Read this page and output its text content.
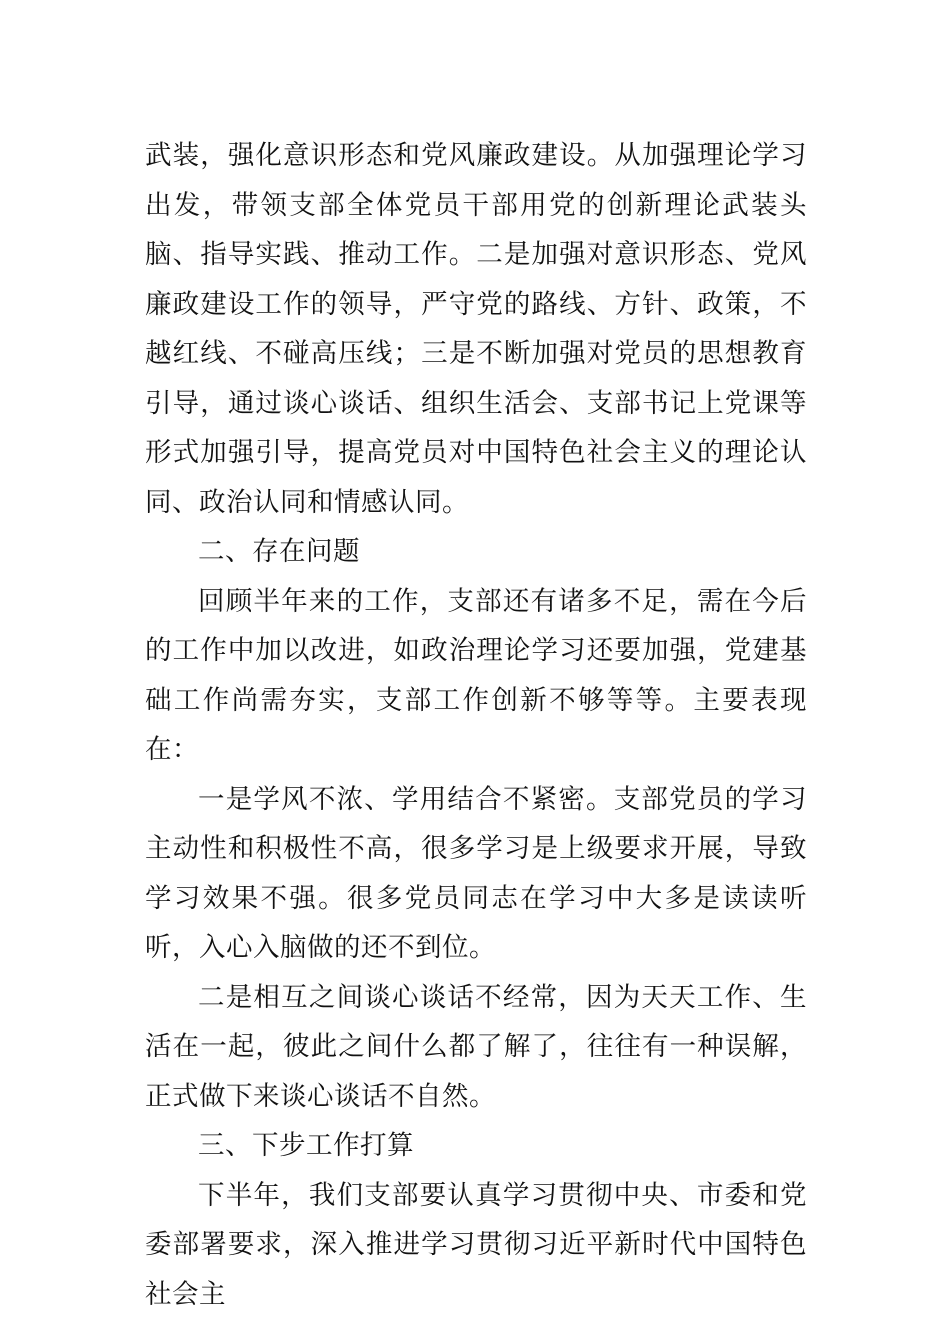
武装，强化意识形态和党风廉政建设。从加强理论学习出发，带领支部全体党员干部用党的创新理论武装头脑、指导实践、推动工作。二是加强对意识形态、党风廉政建设工作的领导，严守党的路线、方针、政策，不越红线、不碰高压线；三是不断加强对党员的思想教育引导，通过谈心谈话、组织生活会、支部书记上党课等形式加强引导，提高党员对中国特色社会主义的理论认同、政治认同和情感认同。

二、存在问题

回顾半年来的工作，支部还有诸多不足，需在今后的工作中加以改进，如政治理论学习还要加强，党建基础工作尚需夯实，支部工作创新不够等等。主要表现在：

一是学风不浓、学用结合不紧密。支部党员的学习主动性和积极性不高，很多学习是上级要求开展，导致学习效果不强。很多党员同志在学习中大多是读读听听，入心入脑做的还不到位。

二是相互之间谈心谈话不经常，因为天天工作、生活在一起，彼此之间什么都了解了，往往有一种误解，正式做下来谈心谈话不自然。

三、下步工作打算

下半年，我们支部要认真学习贯彻中央、市委和党委部署要求，深入推进学习贯彻习近平新时代中国特色社会主
